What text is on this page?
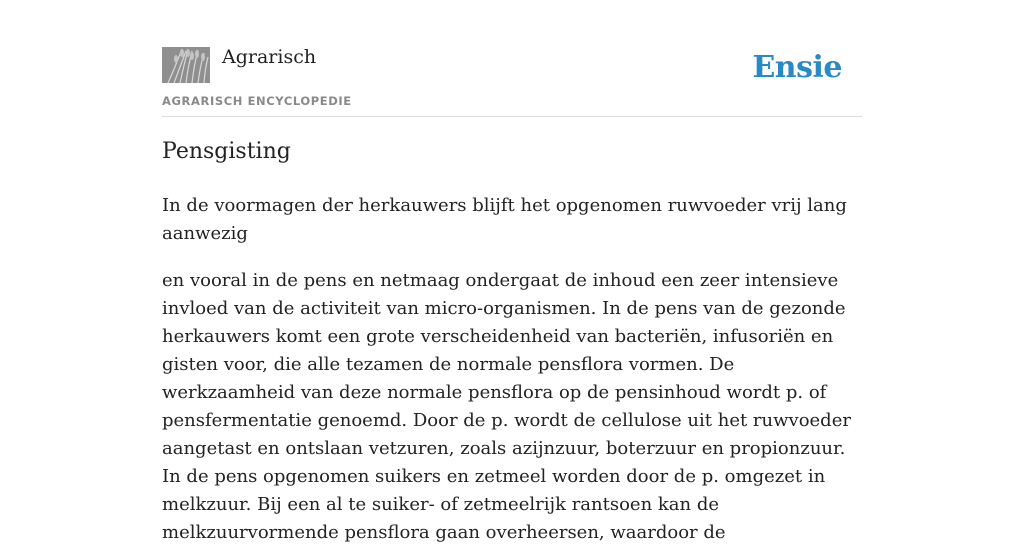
Agrarisch
AGRARISCH ENCYCLOPEDIE
Ensie
Pensgisting

In de voormagen der herkauwers blijft het opgenomen ruwvoeder vrij lang aanwezig

en vooral in de pens en netmaag ondergaat de inhoud een zeer intensieve invloed van de activiteit van micro-organismen. In de pens van de gezonde herkauwers komt een grote verscheidenheid van bacteriën, infusoriën en gisten voor, die alle tezamen de normale pensflora vormen. De werkzaamheid van deze normale pensflora op de pensinhoud wordt p. of pensfermentatie genoemd. Door de p. wordt de cellulose uit het ruwvoeder aangetast en ontslaan vetzuren, zoals azijnzuur, boterzuur en propionzuur. In de pens opgenomen suikers en zetmeel worden door de p. omgezet in melkzuur. Bij een al te suiker- of zetmeelrijk rantsoen kan de melkzuurvormende pensflora gaan overheersen, waardoor de
